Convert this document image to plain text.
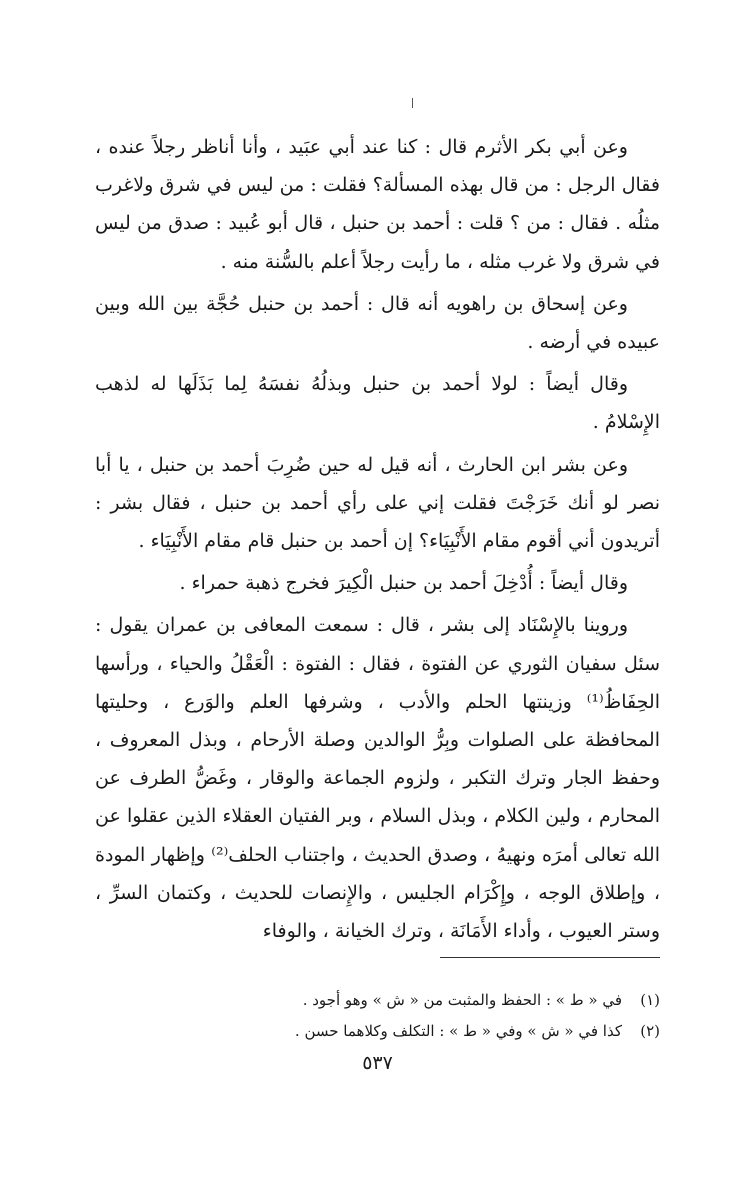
وعن أبي بكر الأثرم قال : كنا عند أبي عبَيد ، وأنا أناظر رجلاً عنده ، فقال الرجل : من قال بهذه المسألة؟ فقلت : من ليس في شرق ولاغرب مثلُه . فقال : من ؟ قلت : أحمد بن حنبل ، قال أبو عُبيد : صدق من ليس في شرق ولا غرب مثله ، ما رأيت رجلاً أعلم بالسُّنة منه .

وعن إسحاق بن راهويه أنه قال : أحمد بن حنبل حُجَّة بين الله وبين عبيده في أرضه .

وقال أيضاً : لولا أحمد بن حنبل وبذلُهُ نفسَهُ لِما بَذَلَها له لذهب الإِسْلامُ .

وعن بشر ابن الحارث ، أنه قيل له حين ضُرِبَ أحمد بن حنبل ، يا أبا نصر لو أنك خَرَجْتَ فقلت إني على رأي أحمد بن حنبل ، فقال بشر : أتريدون أني أقوم مقام الأَنْبِيَاء؟ إن أحمد بن حنبل قام مقام الأَنْبِيَاء .

وقال أيضاً : أُدْخِلَ أحمد بن حنبل الْكِيرَ فخرج ذهبة حمراء .

وروينا بالإِسْنَاد إلى بشر ، قال : سمعت المعافى بن عمران يقول : سئل سفيان الثوري عن الفتوة ، فقال : الفتوة : الْعَقْلُ والحياء ، ورأسها الحِفَاظُ⁽¹⁾ وزينتها الحلم والأدب ، وشرفها العلم والوَرع ، وحليتها المحافظة على الصلوات وبِرُّ الوالدين وصلة الأرحام ، وبذل المعروف ، وحفظ الجار وترك التكبر ، ولزوم الجماعة والوقار ، وغَضُّ الطرف عن المحارم ، ولين الكلام ، وبذل السلام ، وبر الفتيان العقلاء الذين عقلوا عن الله تعالى أمرَه ونهيهُ ، وصدق الحديث ، واجتناب الحلف⁽²⁾ وإظهار المودة ، وإطلاق الوجه ، وإِكْرَام الجليس ، والإِنصات للحديث ، وكتمان السرِّ ، وستر العيوب ، وأداء الأَمَانَة ، وترك الخيانة ، والوفاء

(١)
في « ط » : الحفظ والمثبت من « ش » وهو أجود .
(٢)
كذا في « ش » وفي « ط » : التكلف وكلاهما حسن .
٥٣٧
